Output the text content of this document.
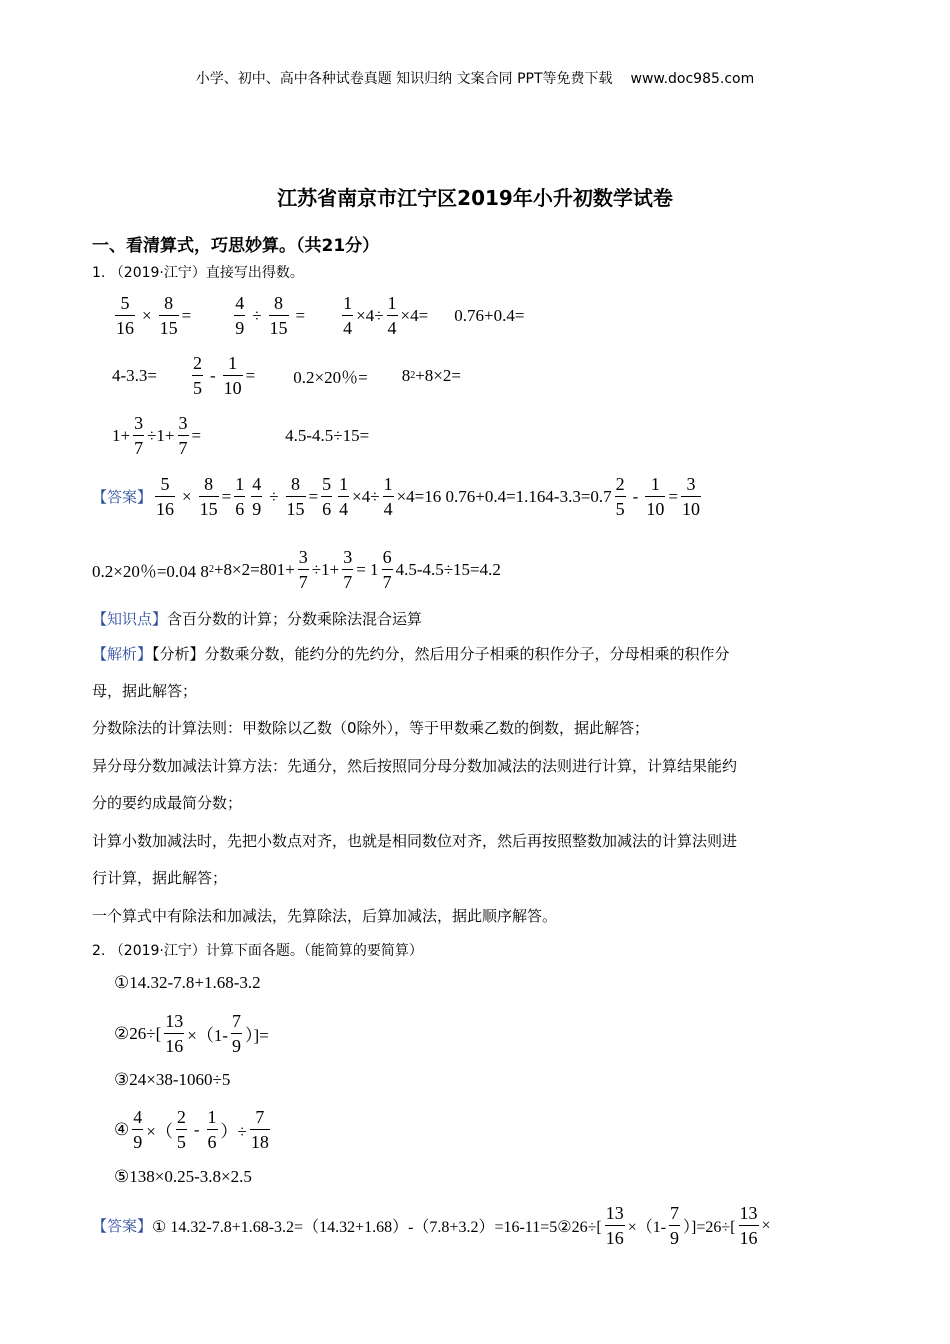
小学、初中、高中各种试卷真题 知识归纳 文案合同 PPT等免费下载 www.doc985.com
江苏省南京市江宁区2019年小升初数学试卷
一、看清算式，巧思妙算。（共21分）
1. （2019·江宁）直接写出得数。
$\frac{5}{16} \times \frac{8}{15} = \frac{4}{9} \div \frac{8}{15} = \frac{1}{4} \times 4\div \frac{1}{4} \times 4= 0.76+0.4=$
$4-3.3= \frac{2}{5} - \frac{1}{10} = 0.2\times 20$％= 8 2 +8×2=
$1+ \frac{3}{7} \div 1+ \frac{3}{7}$ =	4.5-4.5÷15=
【答案】 $\frac{5}{16} \times \frac{8}{15} = \frac{1}{6} \frac{4}{9} \div \frac{8}{15} = \frac{5}{6} \frac{1}{4} \times 4\div \frac{1}{4} \times 4=16$ $0.76+0.4=1.164-3.3=0.7 \frac{2}{5} - \frac{1}{10} = \frac{3}{10}$
0.2×20％=0.04 8 $2 +8\times 2=801+ \frac{3}{7} \div 1+ \frac{3}{7} = 1 \frac{6}{7} 4.5-4.5\div 15=4.2$
【知识点】含百分数的计算；分数乘除法混合运算
【解析】【分析】分数乘分数，能约分的先约分，然后用分子相乘的积作分子，分母相乘的积作分
母，据此解答；
分数除法的计算法则：甲数除以乙数（0除外），等于甲数乘乙数的倒数，据此解答；
异分母分数加减法计算方法：先通分，然后按照同分母分数加减法的法则进行计算，计算结果能约
分的要约成最简分数；
计算小数加减法时，先把小数点对齐，也就是相同数位对齐，然后再按照整数加减法的计算法则进
行计算，据此解答；
一个算式中有除法和加减法，先算除法，后算加减法，据此顺序解答。
2. （2019·江宁）计算下面各题。（能简算的要简算）
①14.32-7.8+1.68-3.2
②26÷[ $\frac{13}{16} \times(1- \frac{7}{9}$ ）]=
③24×38-1060÷5
④ $\frac{4}{9}$ ×（ $\frac{2}{5} - \frac{1}{6}$ ）÷ $\frac{7}{18}$
⑤138×0.25-3.8×2.5
【答案】 ① 14.32-7.8+1.68-3.2=（14.32+1.68）-（7.8+3.2）=16-11=5②26÷[ $\frac{13}{16} \times(1- \frac{7}{9} )]=26\div[ \frac{13}{16}$ ×
